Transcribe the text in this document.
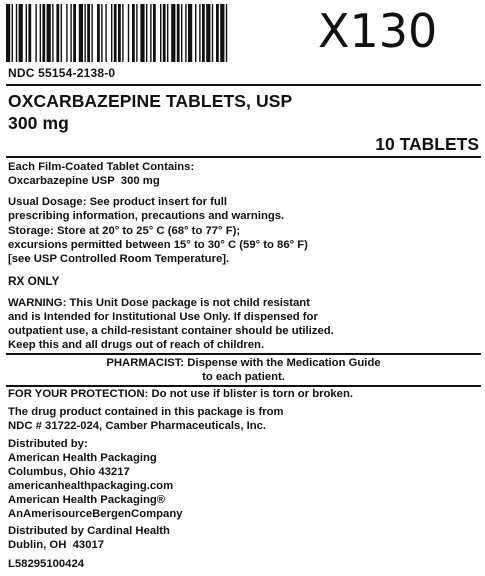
X130
NDC 55154-2138-0
OXCARBAZEPINE TABLETS, USP
300 mg
10 TABLETS
Each Film-Coated Tablet Contains:
Oxcarbazepine USP  300 mg
Usual Dosage: See product insert for full
prescribing information, precautions and warnings.
Storage: Store at 20° to 25° C (68° to 77° F);
excursions permitted between 15° to 30° C (59° to 86° F)
[see USP Controlled Room Temperature].
RX ONLY
WARNING: This Unit Dose package is not child resistant
and is Intended for Institutional Use Only. If dispensed for
outpatient use, a child-resistant container should be utilized.
Keep this and all drugs out of reach of children.
PHARMACIST: Dispense with the Medication Guide
to each patient.
FOR YOUR PROTECTION: Do not use if blister is torn or broken.
The drug product contained in this package is from
NDC # 31722-024, Camber Pharmaceuticals, Inc.
Distributed by:
American Health Packaging
Columbus, Ohio 43217
americanhealthpackaging.com
American Health Packaging®
AnAmerisourceBergenCompany
Distributed by Cardinal Health
Dublin, OH  43017
L58295100424
